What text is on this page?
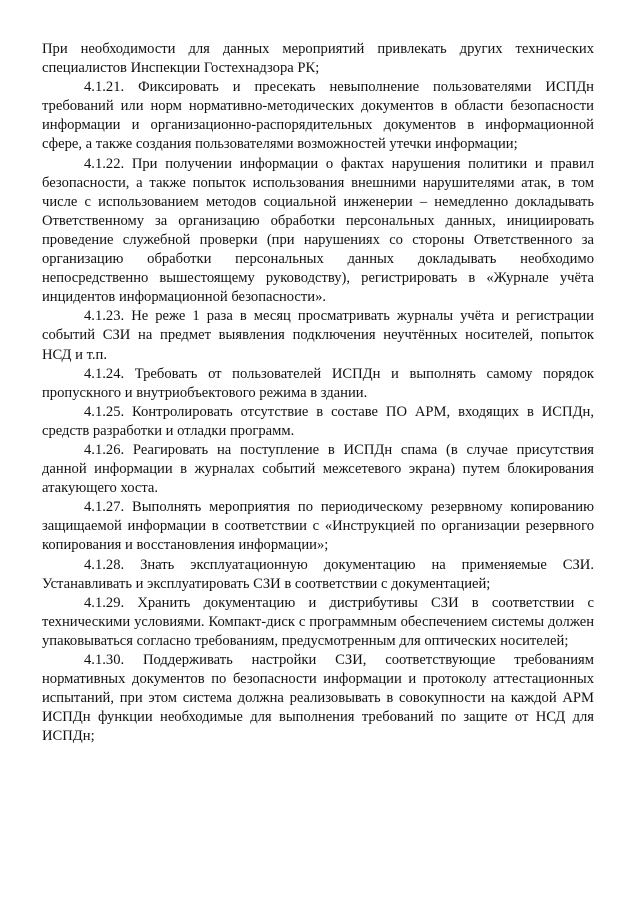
При необходимости для данных мероприятий привлекать других технических специалистов Инспекции Гостехнадзора РК;

4.1.21. Фиксировать и пресекать невыполнение пользователями ИСПДн требований или норм нормативно-методических документов в области безопасности информации и организационно-распорядительных документов в информационной сфере, а также создания пользователями возможностей утечки информации;

4.1.22. При получении информации о фактах нарушения политики и правил безопасности, а также попыток использования внешними нарушителями атак, в том числе с использованием методов социальной инженерии – немедленно докладывать Ответственному за организацию обработки персональных данных, инициировать проведение служебной проверки (при нарушениях со стороны Ответственного за организацию обработки персональных данных докладывать необходимо непосредственно вышестоящему руководству), регистрировать в «Журнале учёта инцидентов информационной безопасности».

4.1.23. Не реже 1 раза в месяц просматривать журналы учёта и регистрации событий СЗИ на предмет выявления подключения неучтённых носителей, попыток НСД и т.п.

4.1.24. Требовать от пользователей ИСПДн и выполнять самому порядок пропускного и внутриобъектового режима в здании.

4.1.25. Контролировать отсутствие в составе ПО АРМ, входящих в ИСПДн, средств разработки и отладки программ.

4.1.26. Реагировать на поступление в ИСПДн спама (в случае присутствия данной информации в журналах событий межсетевого экрана) путем блокирования атакующего хоста.

4.1.27. Выполнять мероприятия по периодическому резервному копированию защищаемой информации в соответствии с «Инструкцией по организации резервного копирования и восстановления информации»;

4.1.28. Знать эксплуатационную документацию на применяемые СЗИ. Устанавливать и эксплуатировать СЗИ в соответствии с документацией;

4.1.29. Хранить документацию и дистрибутивы СЗИ в соответствии с техническими условиями. Компакт-диск с программным обеспечением системы должен упаковываться согласно требованиям, предусмотренным для оптических носителей;

4.1.30. Поддерживать настройки СЗИ, соответствующие требованиям нормативных документов по безопасности информации и протоколу аттестационных испытаний, при этом система должна реализовывать в совокупности на каждой АРМ ИСПДн функции необходимые для выполнения требований по защите от НСД для ИСПДн;
